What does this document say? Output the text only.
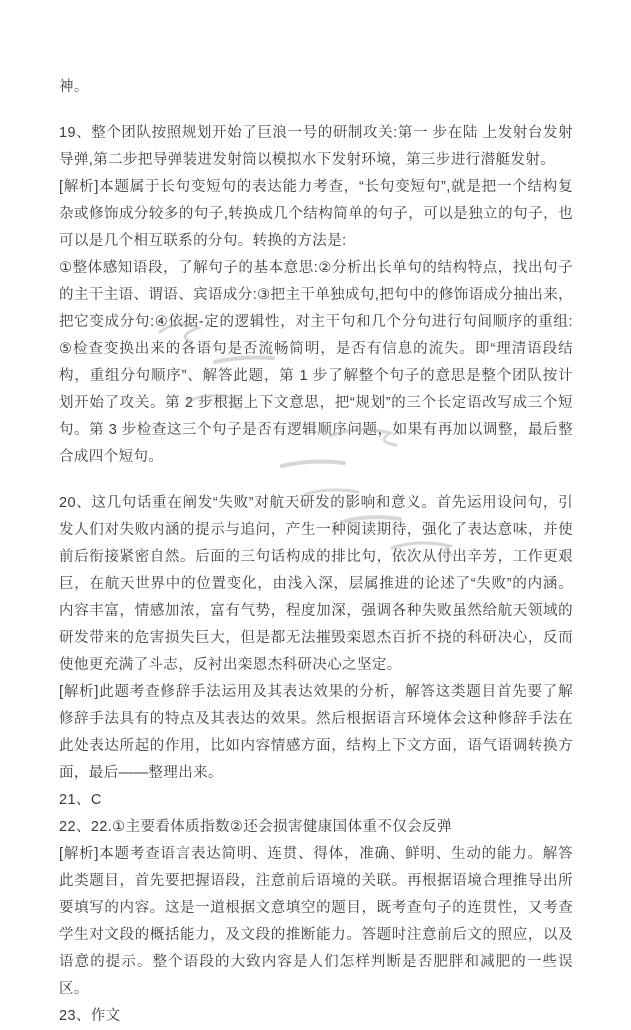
神。

19、整个团队按照规划开始了巨浪一号的研制攻关:第一 步在陆 上发射台发射导弹,第二步把导弹装进发射筒以模拟水下发射环境，第三步进行潜艇发射。

[解析]本题属于长句变短句的表达能力考查，“长句变短句”,就是把一个结构复杂或修饰成分较多的句子,转换成几个结构简单的句子，可以是独立的句子，也可以是几个相互联系的分句。转换的方法是:

①整体感知语段，了解句子的基本意思:②分析出长单句的结构特点，找出句子的主干主语、谓语、宾语成分:③把主干单独成句,把句中的修饰语成分抽出来，把它变成分句:④依据-定的逻辑性，对主干句和几个分句进行句间顺序的重组:⑤检查变换出来的各语句是否流畅简明，是否有信息的流失。即“理清语段结构，重组分句顺序”、解答此题，第 1 步了解整个句子的意思是整个团队按计划开始了攻关。第 2 步根据上下文意思，把“规划”的三个长定语改写成三个短句。第 3 步检查这三个句子是否有逻辑顺序问题，如果有再加以调整，最后整合成四个短句。

20、这几句话重在阐发“失败”对航天研发的影响和意义。首先运用设问句，引发人们对失败内涵的提示与追问，产生一种阅读期待，强化了表达意味，并使前后衔接紧密自然。后面的三句话构成的排比句，依次从付出辛芳，工作更艰巨，在航天世界中的位置变化，由浅入深，层属推进的论述了“失败”的内涵。内容丰富，情感加浓，富有气势，程度加深，强调各种失败虽然给航天领域的研发带来的危害损失巨大，但是都无法摧毁栾恩杰百折不挠的科研决心，反而使他更充满了斗志，反衬出栾恩杰科研决心之坚定。

[解析]此题考查修辞手法运用及其表达效果的分析，解答这类题目首先要了解修辞手法具有的特点及其表达的效果。然后根据语言环境体会这种修辞手法在此处表达所起的作用，比如内容情感方面，结构上下文方面，语气语调转换方面，最后——整理出来。

21、C

22、22.①主要看体质指数②还会损害健康国体重不仅会反弹

[解析]本题考查语言表达简明、连贯、得体，准确、鲜明、生动的能力。解答此类题目，首先要把握语段，注意前后语境的关联。再根据语境合理推导出所要填写的内容。这是一道根据文意填空的题目，既考查句子的连贯性，又考查学生对文段的概括能力，及文段的推断能力。答题时注意前后文的照应，以及语意的提示。整个语段的大致内容是人们怎样判断是否肥胖和减肥的一些误区。

23、作文
